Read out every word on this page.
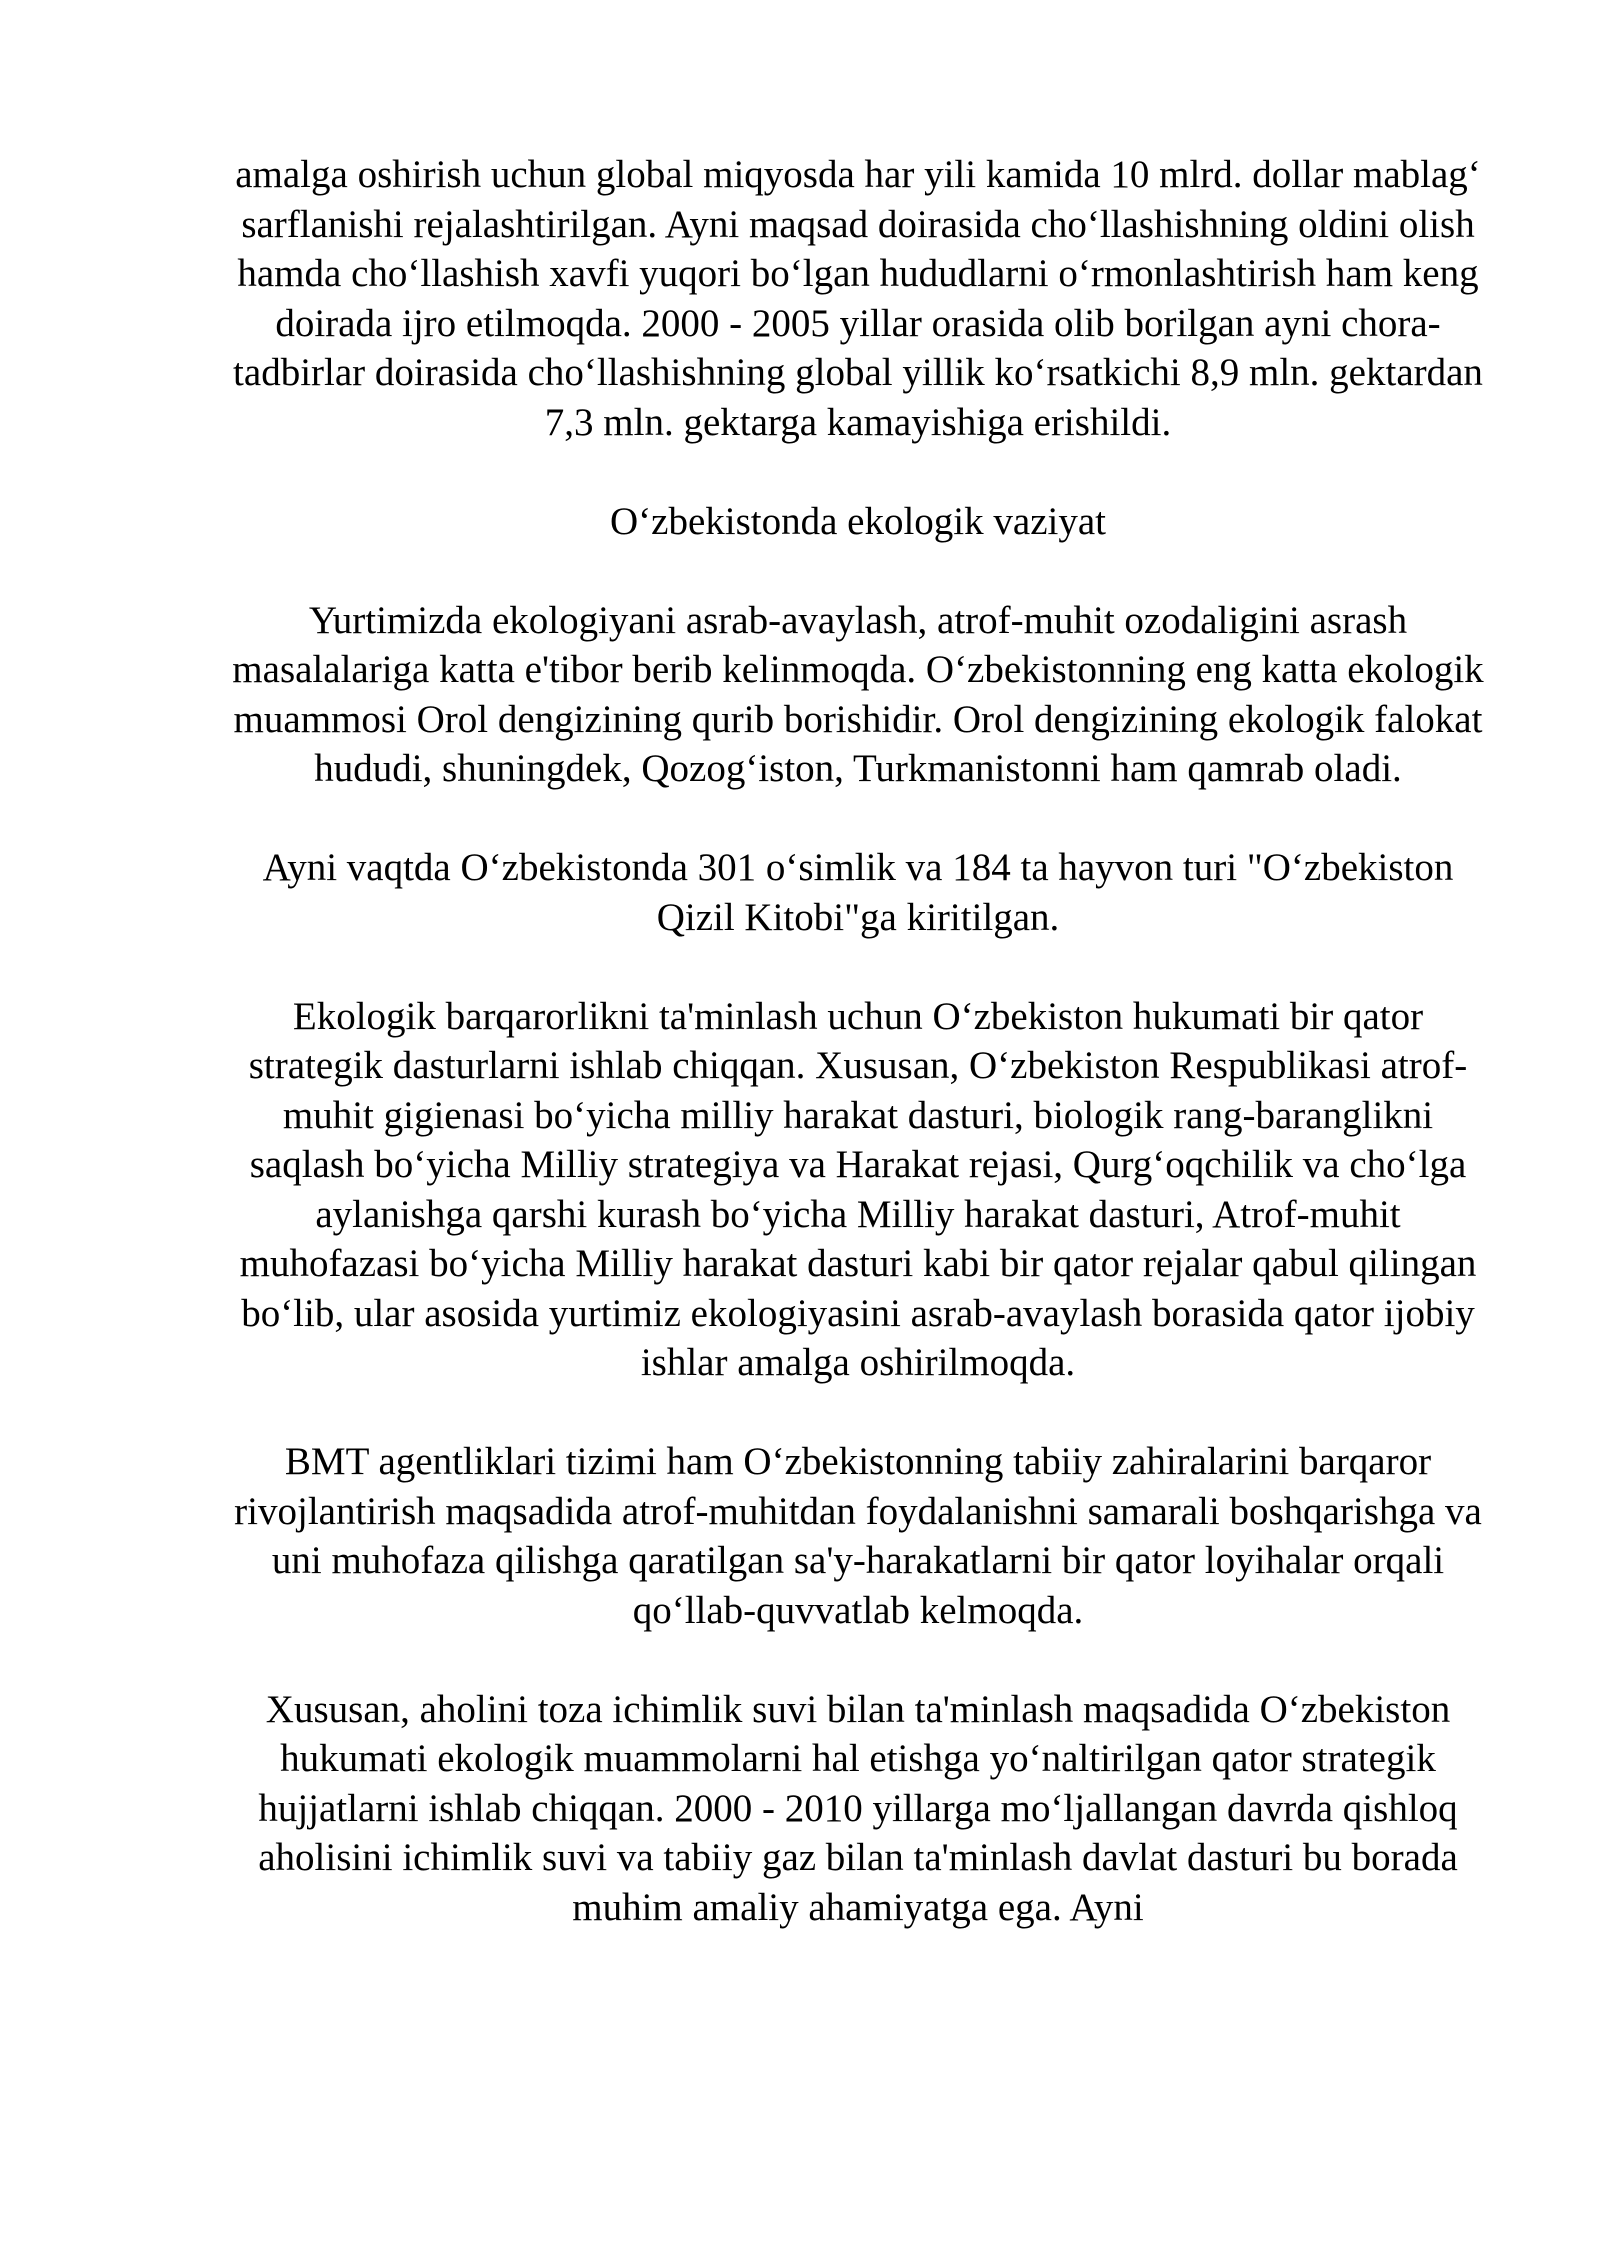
amalga oshirish uchun global miqyosda har yili kamida 10 mlrd. dollar mablag‘ sarflanishi rejalashtirilgan. Ayni maqsad doirasida cho‘llashishning oldini olish hamda cho‘llashish xavfi yuqori bo‘lgan hududlarni o‘rmonlashtirish ham keng doirada ijro etilmoqda. 2000 - 2005 yillar orasida olib borilgan ayni chora-tadbirlar doirasida cho‘llashishning global yillik ko‘rsatkichi 8,9 mln. gektardan 7,3 mln. gektarga kamayishiga erishildi.

O‘zbekistonda ekologik vaziyat

Yurtimizda ekologiyani asrab-avaylash, atrof-muhit ozodaligini asrash masalalariga katta e'tibor berib kelinmoqda. O‘zbekistonning eng katta ekologik muammosi Orol dengizining qurib borishidir. Orol dengizining ekologik falokat hududi, shuningdek, Qozog‘iston, Turkmanistonni ham qamrab oladi.

Ayni vaqtda O‘zbekistonda 301 o‘simlik va 184 ta hayvon turi "O‘zbekiston Qizil Kitobi"ga kiritilgan.

Ekologik barqarorlikni ta'minlash uchun O‘zbekiston hukumati bir qator strategik dasturlarni ishlab chiqqan. Xususan, O‘zbekiston Respublikasi atrof-muhit gigienasi bo‘yicha milliy harakat dasturi, biologik rang-baranglikni saqlash bo‘yicha Milliy strategiya va Harakat rejasi, Qurg‘oqchilik va cho‘lga aylanishga qarshi kurash bo‘yicha Milliy harakat dasturi, Atrof-muhit muhofazasi bo‘yicha Milliy harakat dasturi kabi bir qator rejalar qabul qilingan bo‘lib, ular asosida yurtimiz ekologiyasini asrab-avaylash borasida qator ijobiy ishlar amalga oshirilmoqda.

BMT agentliklari tizimi ham O‘zbekistonning tabiiy zahiralarini barqaror rivojlantirish maqsadida atrof-muhitdan foydalanishni samarali boshqarishga va uni muhofaza qilishga qaratilgan sa'y-harakatlarni bir qator loyihalar orqali qo‘llab-quvvatlab kelmoqda.

Xususan, aholini toza ichimlik suvi bilan ta'minlash maqsadida O‘zbekiston hukumati ekologik muammolarni hal etishga yo‘naltirilgan qator strategik hujjatlarni ishlab chiqqan. 2000 - 2010 yillarga mo‘ljallangan davrda qishloq aholisini ichimlik suvi va tabiiy gaz bilan ta'minlash davlat dasturi bu borada muhim amaliy ahamiyatga ega. Ayni
